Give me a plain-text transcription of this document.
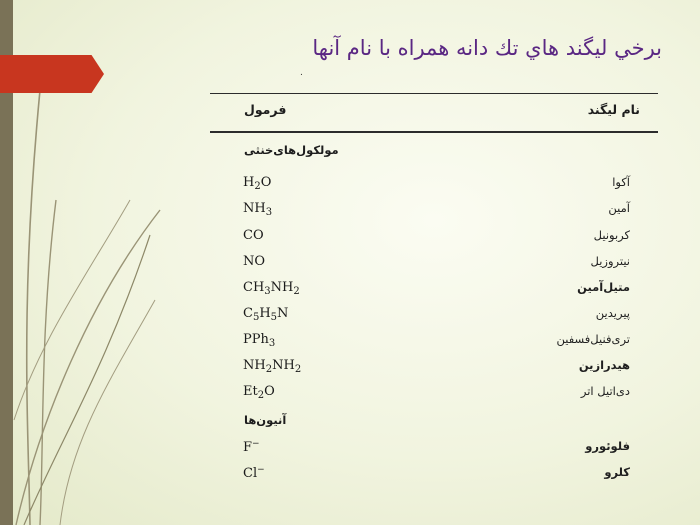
برخي ليگند هاي تك دانه همراه با نام آنها
.
فرمول	نام لیگند
مولکول‌های‌خنثی
$H_2O$	آکوا
$NH_3$	آمین
CO	کربونیل
NO	نیتروزیل
$CH_3NH_2$	متیل‌آمین
$C_5H_5N$	پیریدین
PPh$_3$	تری‌فنیل‌فسفین
$NH_2NH_2$	هیدرازین
$Et_2O$	دی‌اتیل اتر
آنیون‌ها
F−	فلوئورو
Cl−	کلرو
